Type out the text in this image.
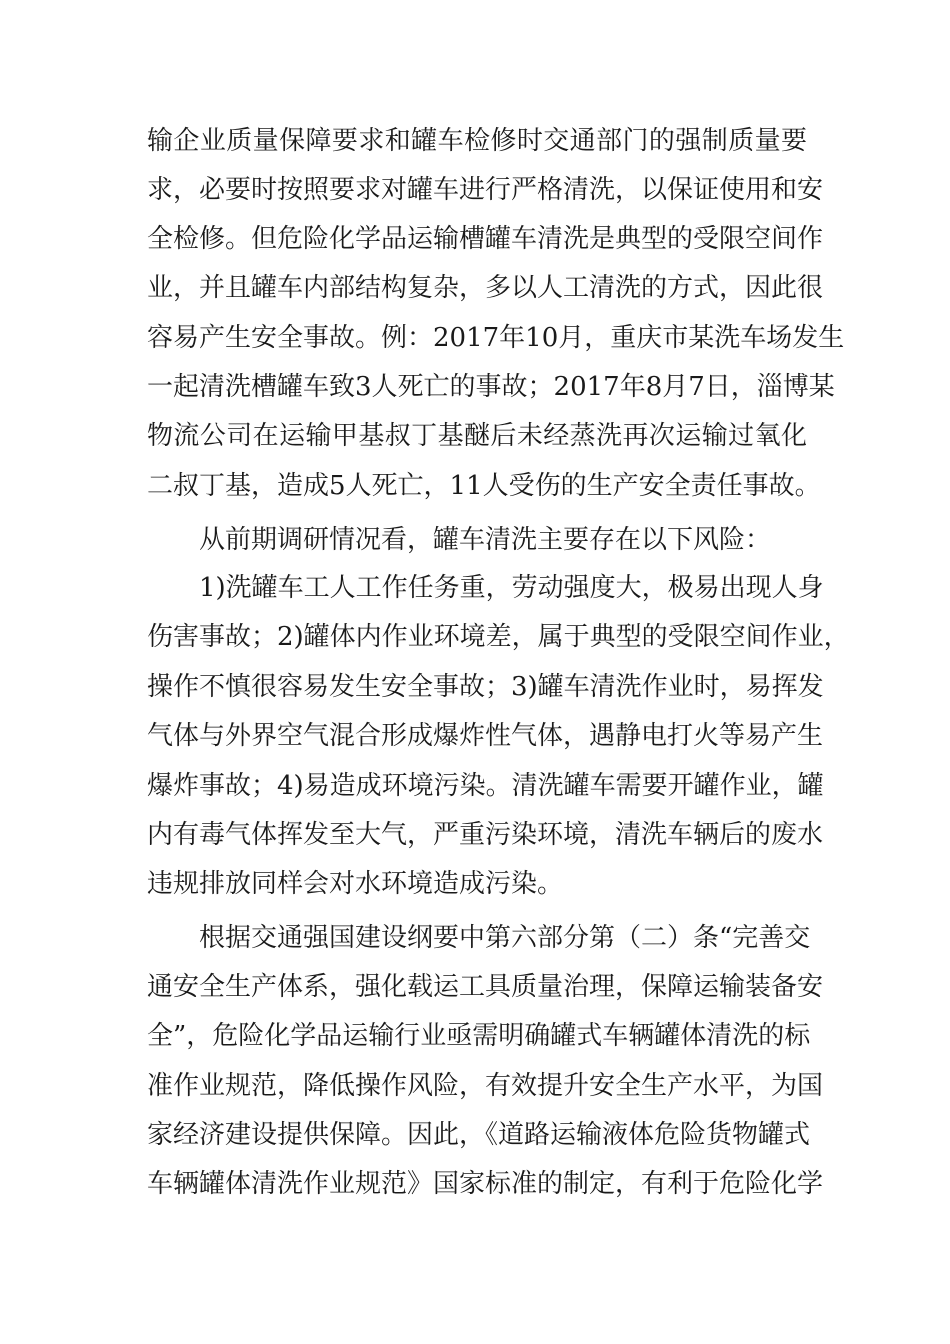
输企业质量保障要求和罐车检修时交通部门的强制质量要

求，必要时按照要求对罐车进行严格清洗，以保证使用和安

全检修。但危险化学品运输槽罐车清洗是典型的受限空间作

业，并且罐车内部结构复杂，多以人工清洗的方式，因此很

容易产生安全事故。例：2017年10月，重庆市某洗车场发生

一起清洗槽罐车致3人死亡的事故；2017年8月7日，淄博某

物流公司在运输甲基叔丁基醚后未经蒸洗再次运输过氧化

二叔丁基，造成5人死亡，11人受伤的生产安全责任事故。

从前期调研情况看，罐车清洗主要存在以下风险：

1)洗罐车工人工作任务重，劳动强度大，极易出现人身

伤害事故；2)罐体内作业环境差，属于典型的受限空间作业，

操作不慎很容易发生安全事故；3)罐车清洗作业时，易挥发

气体与外界空气混合形成爆炸性气体，遇静电打火等易产生

爆炸事故；4)易造成环境污染。清洗罐车需要开罐作业，罐

内有毒气体挥发至大气，严重污染环境，清洗车辆后的废水

违规排放同样会对水环境造成污染。

根据交通强国建设纲要中第六部分第（二）条“完善交

通安全生产体系，强化载运工具质量治理，保障运输装备安

全”，危险化学品运输行业亟需明确罐式车辆罐体清洗的标

准作业规范，降低操作风险，有效提升安全生产水平，为国

家经济建设提供保障。因此，《道路运输液体危险货物罐式

车辆罐体清洗作业规范》国家标准的制定，有利于危险化学
